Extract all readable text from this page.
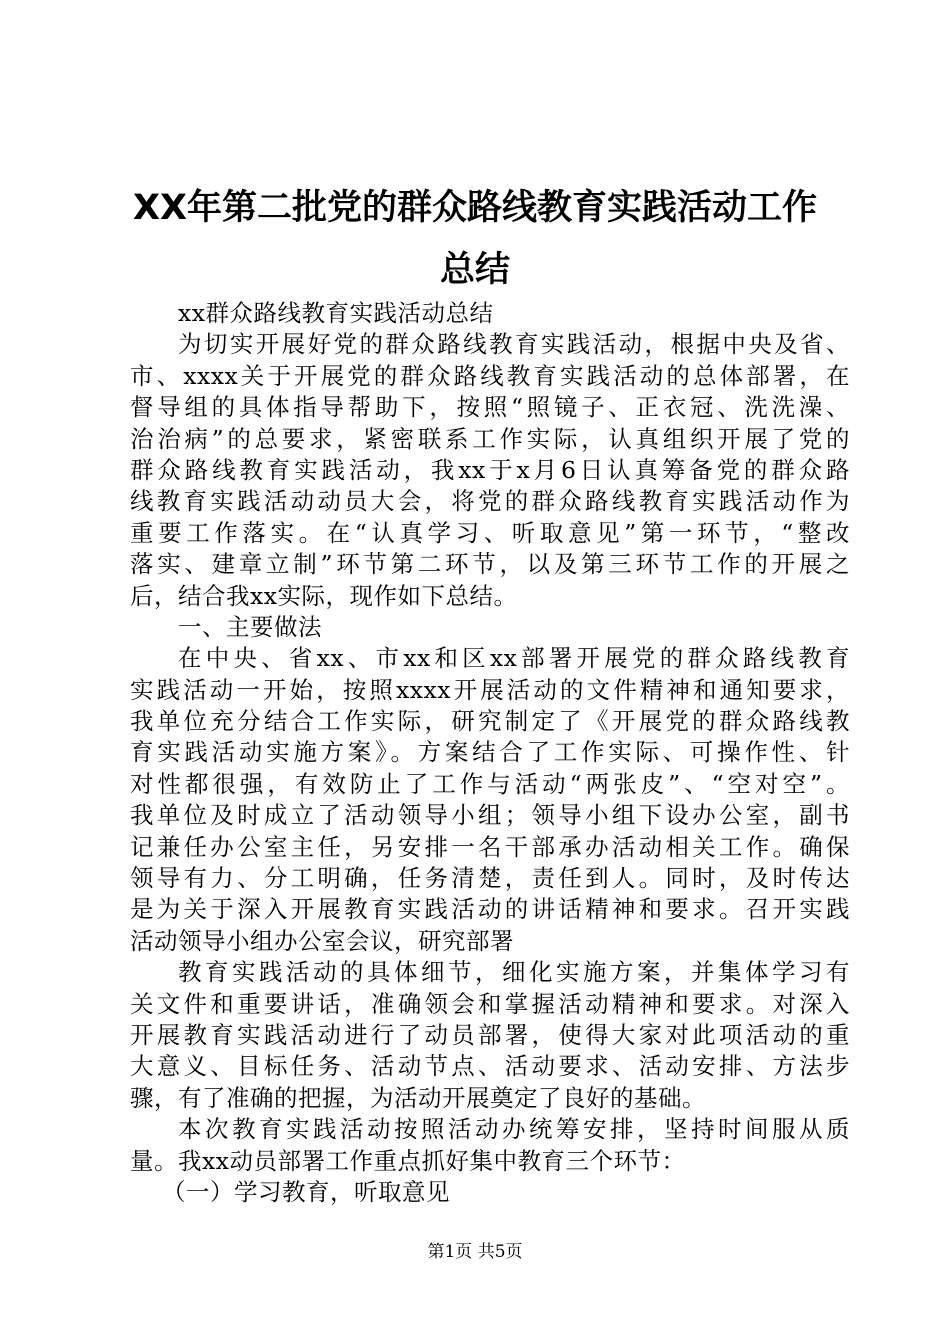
XX年第二批党的群众路线教育实践活动工作
总结
xx群众路线教育实践活动总结
为切实开展好党的群众路线教育实践活动，根据中央及省、
市、xxxx关于开展党的群众路线教育实践活动的总体部署，在
督导组的具体指导帮助下，按照“照镜子、正衣冠、洗洗澡、
治治病”的总要求，紧密联系工作实际，认真组织开展了党的
群众路线教育实践活动，我xx于x月6日认真筹备党的群众路
线教育实践活动动员大会，将党的群众路线教育实践活动作为
重要工作落实。在“认真学习、听取意见”第一环节，“整改
落实、建章立制”环节第二环节，以及第三环节工作的开展之
后，结合我xx实际，现作如下总结。
一、主要做法
在中央、省xx、市xx和区xx部署开展党的群众路线教育
实践活动一开始，按照xxxx开展活动的文件精神和通知要求，
我单位充分结合工作实际，研究制定了《开展党的群众路线教
育实践活动实施方案》。方案结合了工作实际、可操作性、针
对性都很强，有效防止了工作与活动“两张皮”、“空对空”。
我单位及时成立了活动领导小组；领导小组下设办公室，副书
记兼任办公室主任，另安排一名干部承办活动相关工作。确保
领导有力、分工明确，任务清楚，责任到人。同时，及时传达
是为关于深入开展教育实践活动的讲话精神和要求。召开实践
活动领导小组办公室会议，研究部署
教育实践活动的具体细节，细化实施方案，并集体学习有
关文件和重要讲话，准确领会和掌握活动精神和要求。对深入
开展教育实践活动进行了动员部署，使得大家对此项活动的重
大意义、目标任务、活动节点、活动要求、活动安排、方法步
骤，有了准确的把握，为活动开展奠定了良好的基础。
本次教育实践活动按照活动办统筹安排，坚持时间服从质
量。我xx动员部署工作重点抓好集中教育三个环节：
（一）学习教育，听取意见
第1页 共5页
